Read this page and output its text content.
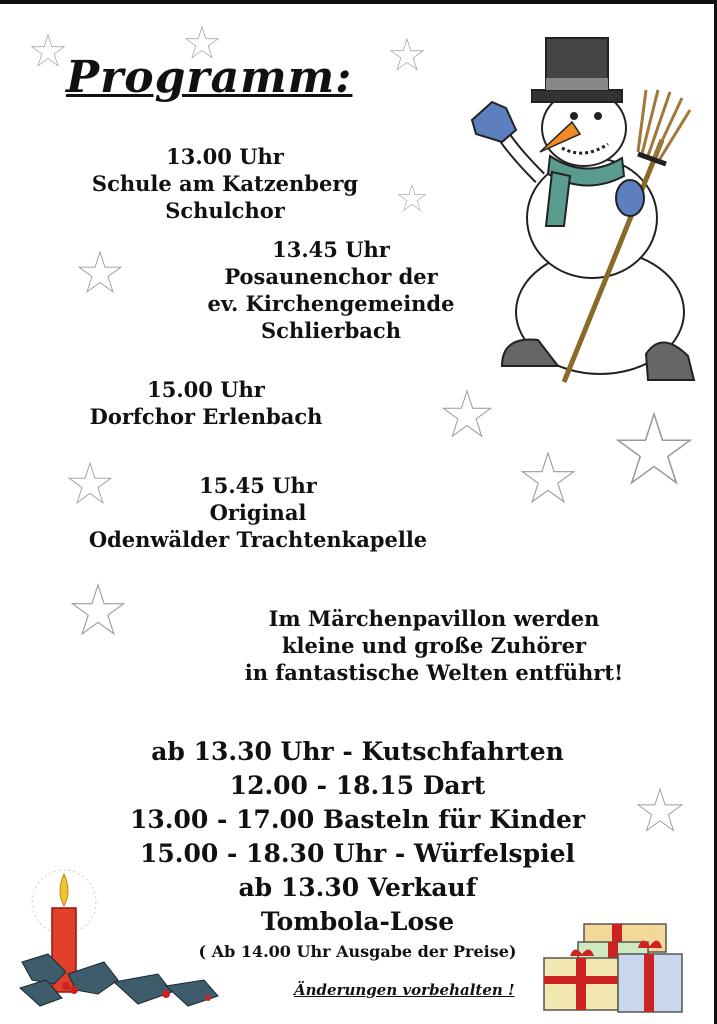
Programm:
13.00 Uhr
Schule am Katzenberg
Schulchor
13.45 Uhr
Posaunenchor der
ev. Kirchengemeinde
Schlierbach
15.00 Uhr
Dorfchor Erlenbach
15.45 Uhr
Original
Odenwälder Trachtenkapelle
Im Märchenpavillon werden
kleine und große Zuhörer
in fantastische Welten entführt!
ab 13.30 Uhr - Kutschfahrten
12.00 - 18.15 Dart
13.00 - 17.00 Basteln für Kinder
15.00 - 18.30 Uhr - Würfelspiel
ab 13.30 Verkauf
Tombola-Lose
( Ab 14.00 Uhr Ausgabe der Preise)
Änderungen vorbehalten !
